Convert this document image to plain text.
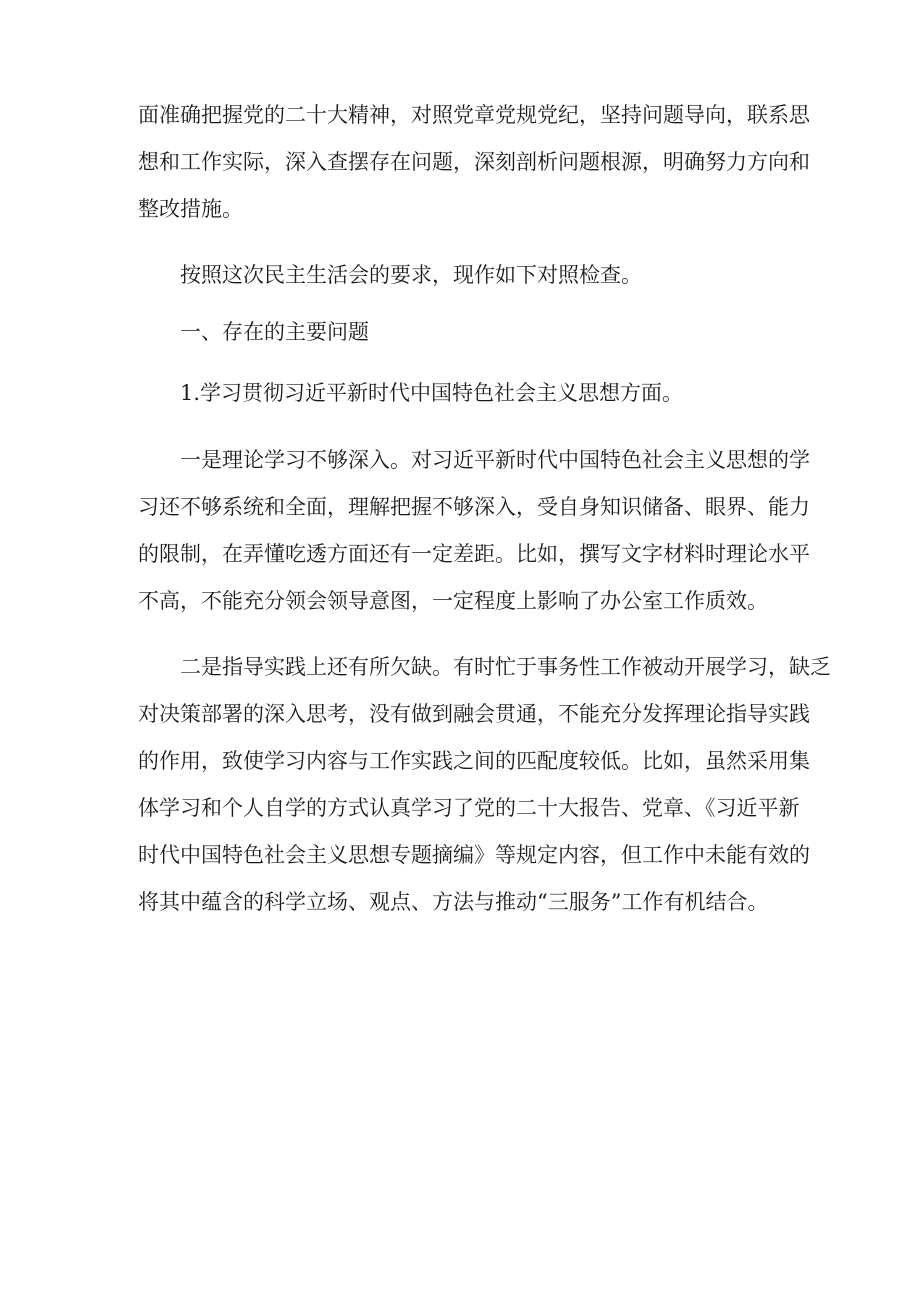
面准确把握党的二十大精神，对照党章党规党纪，坚持问题导向，联系思

想和工作实际，深入查摆存在问题，深刻剖析问题根源，明确努力方向和

整改措施。

按照这次民主生活会的要求，现作如下对照检查。

一、存在的主要问题

1.学习贯彻习近平新时代中国特色社会主义思想方面。

一是理论学习不够深入。对习近平新时代中国特色社会主义思想的学

习还不够系统和全面，理解把握不够深入，受自身知识储备、眼界、能力

的限制，在弄懂吃透方面还有一定差距。比如，撰写文字材料时理论水平

不高，不能充分领会领导意图，一定程度上影响了办公室工作质效。

二是指导实践上还有所欠缺。有时忙于事务性工作被动开展学习，缺乏

对决策部署的深入思考，没有做到融会贯通，不能充分发挥理论指导实践

的作用，致使学习内容与工作实践之间的匹配度较低。比如，虽然采用集

体学习和个人自学的方式认真学习了党的二十大报告、党章、《习近平新

时代中国特色社会主义思想专题摘编》等规定内容，但工作中未能有效的

将其中蕴含的科学立场、观点、方法与推动“三服务”工作有机结合。
